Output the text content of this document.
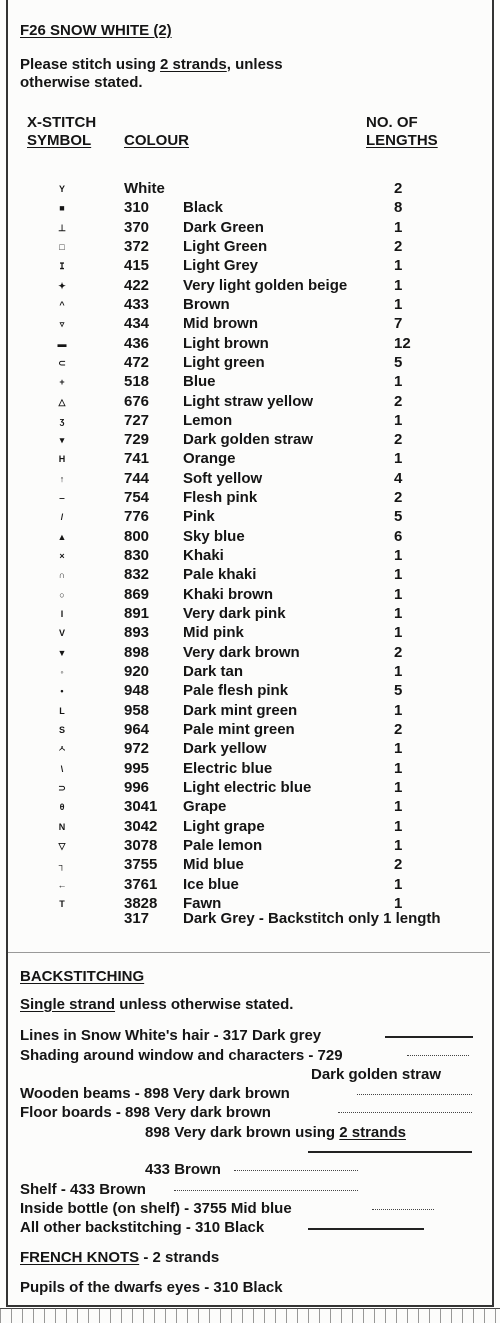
F26 SNOW WHITE (2)
Please stitch using 2 strands, unless
otherwise stated.
X-STITCH
SYMBOL COLOUR
NO. OF
LENGTHS
Y	White	2
■	310 Black	8
⊥	370 Dark Green	1
□	372 Light Green	2
ⵊ	415 Light Grey	1
✦	422 Very light golden beige	1
^	433 Brown	1
▿	434 Mid brown	7
▬	436 Light brown	12
⊂	472 Light green	5
+	518 Blue	1
△	676 Light straw yellow	2
ʒ	727 Lemon	1
▾	729 Dark golden straw	2
H	741 Orange	1
↑	744 Soft yellow	4
‒	754 Flesh pink	2
/	776 Pink	5
▲	800 Sky blue	6
×	830 Khaki	1
∩	832 Pale khaki	1
○	869 Khaki brown	1
I	891 Very dark pink	1
V	893 Mid pink	1
▼	898 Very dark brown	2
◦	920 Dark tan	1
•	948 Pale flesh pink	5
L	958 Dark mint green	1
S	964 Pale mint green	2
ㅅ	972 Dark yellow	1
\	995 Electric blue	1
⊃	996 Light electric blue	1
θ	3041 Grape	1
N	3042 Light grape	1
▽	3078 Pale lemon	1
┐	3755 Mid blue	2
←	3761 Ice blue	1
T	3828 Fawn	1
317 Dark Grey - Backstitch only 1 length
BACKSTITCHING
Single strand unless otherwise stated.
Lines in Snow White's hair - 317 Dark grey
Shading around window and characters - 729
Dark golden straw
Wooden beams - 898 Very dark brown
Floor boards - 898 Very dark brown
898 Very dark brown using 2 strands
433 Brown
Shelf - 433 Brown
Inside bottle (on shelf) - 3755 Mid blue
All other backstitching - 310 Black
FRENCH KNOTS - 2 strands
Pupils of the dwarfs eyes - 310 Black
